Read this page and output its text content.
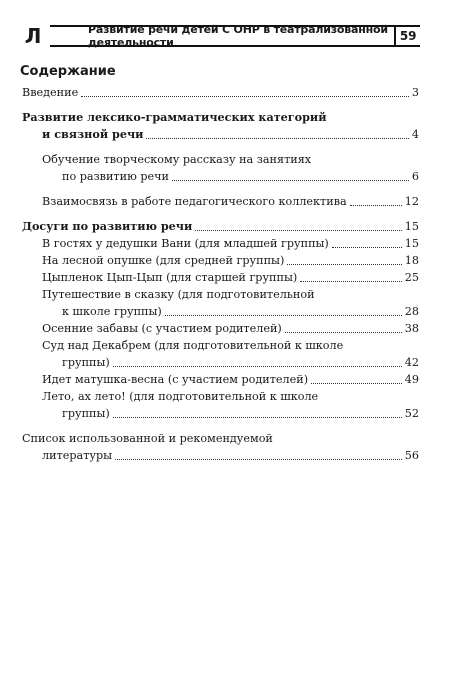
Л	Развитие речи детей С ОНР в театрализованной деятельности	59
Содержание
Введение	3
Развитие лексико-грамматических категорий
и связной речи	4
Обучение творческому рассказу на занятиях
по развитию речи	6
Взаимосвязь в работе педагогического коллектива	12
Досуги по развитию речи	15
В гостях у дедушки Вани (для младшей группы)	15
На лесной опушке (для средней группы)	18
Цыпленок Цып-Цып (для старшей группы)	25
Путешествие в сказку (для подготовительной
к школе группы)	28
Осенние забавы (с участием родителей)	38
Суд над Декабрем (для подготовительной к школе
группы)	42
Идет матушка-весна (с участием родителей)	49
Лето, ах лето! (для подготовительной к школе
группы)	52
Список использованной и рекомендуемой
литературы	56
